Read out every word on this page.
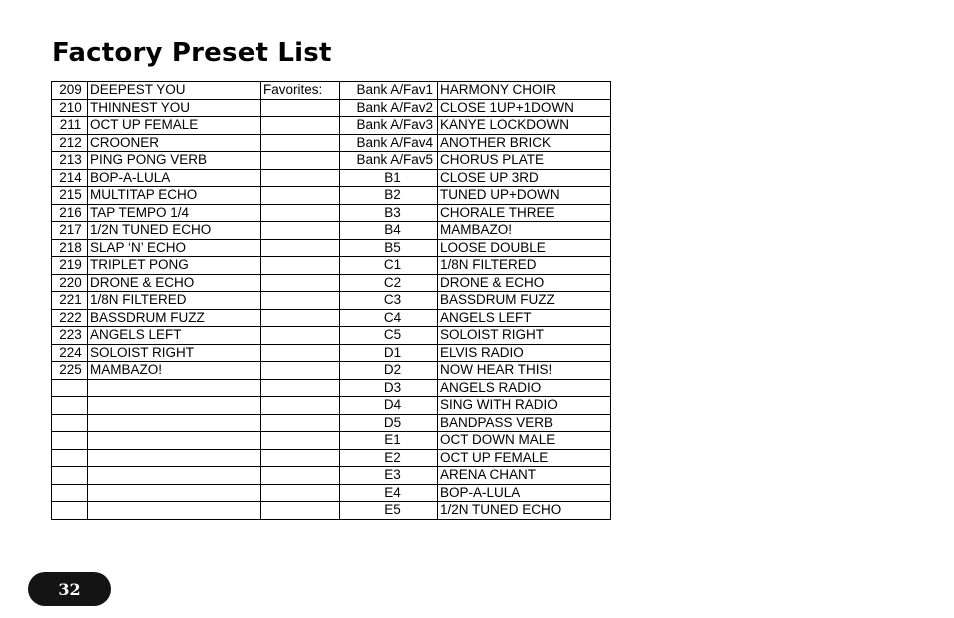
Factory Preset List
209	DEEPEST YOU	Favorites:	Bank A/Fav1	HARMONY CHOIR
210	THINNEST YOU		Bank A/Fav2	CLOSE 1UP+1DOWN
211	OCT UP FEMALE		Bank A/Fav3	KANYE LOCKDOWN
212	CROONER		Bank A/Fav4	ANOTHER BRICK
213	PING PONG VERB		Bank A/Fav5	CHORUS PLATE
214	BOP-A-LULA		B1	CLOSE UP 3RD
215	MULTITAP ECHO		B2	TUNED UP+DOWN
216	TAP TEMPO 1/4		B3	CHORALE THREE
217	1/2N TUNED ECHO		B4	MAMBAZO!
218	SLAP ‘N’ ECHO		B5	LOOSE DOUBLE
219	TRIPLET PONG		C1	1/8N FILTERED
220	DRONE & ECHO		C2	DRONE & ECHO
221	1/8N FILTERED		C3	BASSDRUM FUZZ
222	BASSDRUM FUZZ		C4	ANGELS LEFT
223	ANGELS LEFT		C5	SOLOIST RIGHT
224	SOLOIST RIGHT		D1	ELVIS RADIO
225	MAMBAZO!		D2	NOW HEAR THIS!
			D3	ANGELS RADIO
			D4	SING WITH RADIO
			D5	BANDPASS VERB
			E1	OCT DOWN MALE
			E2	OCT UP FEMALE
			E3	ARENA CHANT
			E4	BOP-A-LULA
			E5	1/2N TUNED ECHO
32
